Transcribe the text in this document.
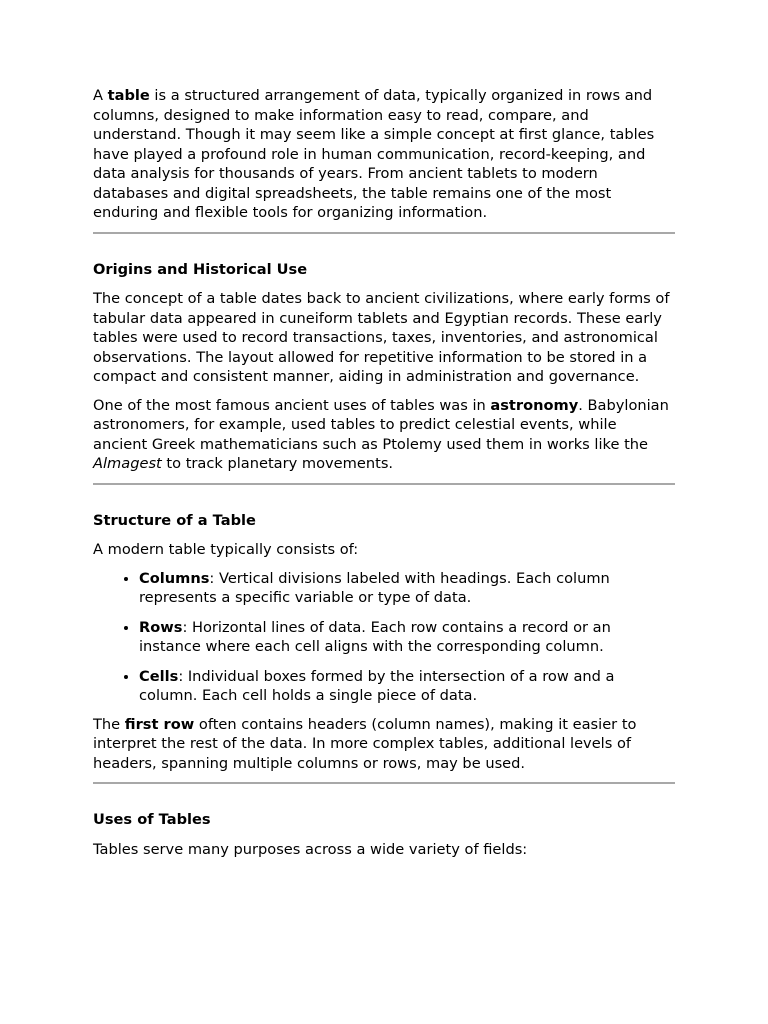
A table is a structured arrangement of data, typically organized in rows and columns, designed to make information easy to read, compare, and understand. Though it may seem like a simple concept at first glance, tables have played a profound role in human communication, record-keeping, and data analysis for thousands of years. From ancient tablets to modern databases and digital spreadsheets, the table remains one of the most enduring and flexible tools for organizing information.

Origins and Historical Use

The concept of a table dates back to ancient civilizations, where early forms of tabular data appeared in cuneiform tablets and Egyptian records. These early tables were used to record transactions, taxes, inventories, and astronomical observations. The layout allowed for repetitive information to be stored in a compact and consistent manner, aiding in administration and governance.

One of the most famous ancient uses of tables was in astronomy. Babylonian astronomers, for example, used tables to predict celestial events, while ancient Greek mathematicians such as Ptolemy used them in works like the Almagest to track planetary movements.

Structure of a Table

A modern table typically consists of:

• Columns: Vertical divisions labeled with headings. Each column represents a specific variable or type of data.
• Rows: Horizontal lines of data. Each row contains a record or an instance where each cell aligns with the corresponding column.
• Cells: Individual boxes formed by the intersection of a row and a column. Each cell holds a single piece of data.

The first row often contains headers (column names), making it easier to interpret the rest of the data. In more complex tables, additional levels of headers, spanning multiple columns or rows, may be used.

Uses of Tables

Tables serve many purposes across a wide variety of fields:
